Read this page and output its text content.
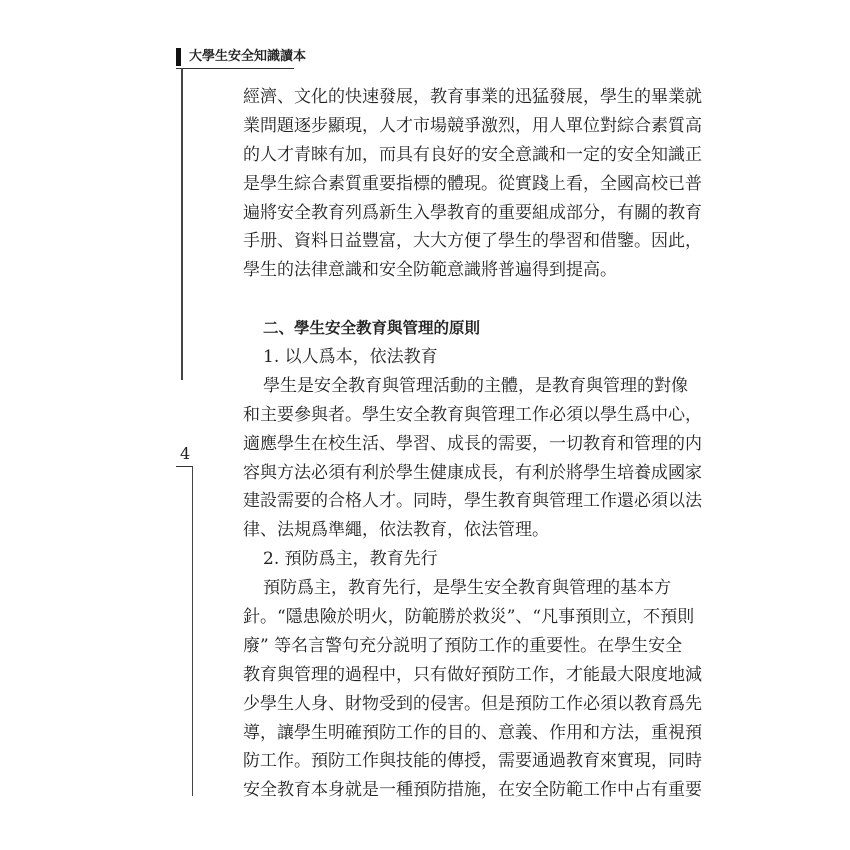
大學生安全知識讀本
4
經濟、文化的快速發展，教育事業的迅猛發展，學生的畢業就
業問題逐步顯現，人才市場競爭激烈，用人單位對綜合素質高
的人才青睞有加，而具有良好的安全意識和一定的安全知識正
是學生綜合素質重要指標的體現。從實踐上看，全國高校已普
遍將安全教育列爲新生入學教育的重要組成部分，有關的教育
手册、資料日益豐富，大大方便了學生的學習和借鑒。因此，
學生的法律意識和安全防範意識將普遍得到提高。
二、學生安全教育與管理的原則
1. 以人爲本，依法教育
學生是安全教育與管理活動的主體，是教育與管理的對像
和主要參與者。學生安全教育與管理工作必須以學生爲中心，
適應學生在校生活、學習、成長的需要，一切教育和管理的内
容與方法必須有利於學生健康成長，有利於將學生培養成國家
建設需要的合格人才。同時，學生教育與管理工作還必須以法
律、法規爲準繩，依法教育，依法管理。
2. 預防爲主，教育先行
預防爲主，教育先行，是學生安全教育與管理的基本方
針。“隱患險於明火，防範勝於救災”、“凡事預則立，不預則
廢” 等名言警句充分説明了預防工作的重要性。在學生安全
教育與管理的過程中，只有做好預防工作，才能最大限度地減
少學生人身、財物受到的侵害。但是預防工作必須以教育爲先
導，讓學生明確預防工作的目的、意義、作用和方法，重視預
防工作。預防工作與技能的傳授，需要通過教育來實現，同時
安全教育本身就是一種預防措施，在安全防範工作中占有重要
